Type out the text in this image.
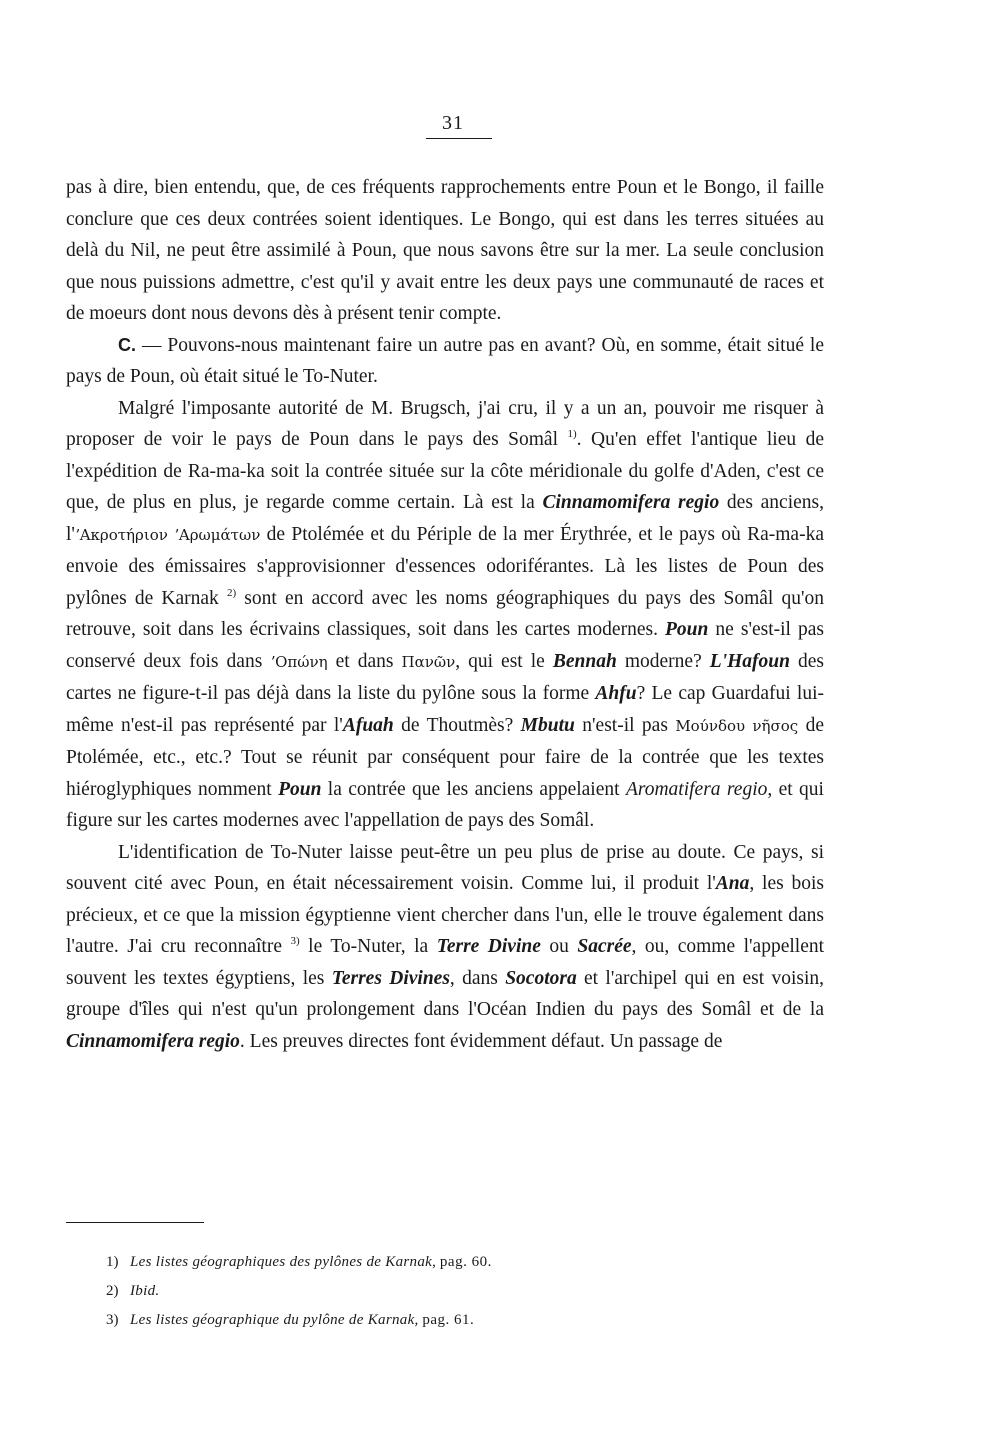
31

pas à dire, bien entendu, que, de ces fréquents rapprochements entre Poun et le Bongo, il faille conclure que ces deux contrées soient identiques. Le Bongo, qui est dans les terres situées au delà du Nil, ne peut être assimilé à Poun, que nous savons être sur la mer. La seule conclusion que nous puissions admettre, c'est qu'il y avait entre les deux pays une communauté de races et de moeurs dont nous devons dès à présent tenir compte.

C. — Pouvons-nous maintenant faire un autre pas en avant? Où, en somme, était situé le pays de Poun, où était situé le To-Nuter.

Malgré l'imposante autorité de M. Brugsch, j'ai cru, il y a un an, pouvoir me risquer à proposer de voir le pays de Poun dans le pays des Somâl $^{1)}$. Qu'en effet l'antique lieu de l'expédition de Ra-ma-ka soit la contrée située sur la côte méridionale du golfe d'Aden, c'est ce que, de plus en plus, je regarde comme certain. Là est la Cinnamomifera regio des anciens, l'ʼΑκροτήριον ʼΑρωμάτων de Ptolémée et du Périple de la mer Érythrée, et le pays où Ra-ma-ka envoie des émissaires s'approvisionner d'essences odoriférantes. Là les listes de Poun des pylônes de Karnak $^{2)}$ sont en accord avec les noms géographiques du pays des Somâl qu'on retrouve, soit dans les écrivains classiques, soit dans les cartes modernes. Poun ne s'est-il pas conservé deux fois dans ʼΟπώνη et dans Πανῶν, qui est le Bennah moderne? L'Hafoun des cartes ne figure-t-il pas déjà dans la liste du pylône sous la forme Ahfu? Le cap Guardafui lui-même n'est-il pas représenté par l'Afuah de Thoutmès? Mbutu n'est-il pas Μούνδου νῆσος de Ptolémée, etc., etc.? Tout se réunit par conséquent pour faire de la contrée que les textes hiéroglyphiques nomment Poun la contrée que les anciens appelaient Aromatifera regio, et qui figure sur les cartes modernes avec l'appellation de pays des Somâl.

L'identification de To-Nuter laisse peut-être un peu plus de prise au doute. Ce pays, si souvent cité avec Poun, en était nécessairement voisin. Comme lui, il produit l'Ana, les bois précieux, et ce que la mission égyptienne vient chercher dans l'un, elle le trouve également dans l'autre. J'ai cru reconnaître $^{3)}$ le To-Nuter, la Terre Divine ou Sacrée, ou, comme l'appellent souvent les textes égyptiens, les Terres Divines, dans Socotora et l'archipel qui en est voisin, groupe d'îles qui n'est qu'un prolongement dans l'Océan Indien du pays des Somâl et de la Cinnamomifera regio. Les preuves directes font évidemment défaut. Un passage de

1) Les listes géographiques des pylônes de Karnak, pag. 60.
2) Ibid.
3) Les listes géographique du pylône de Karnak, pag. 61.
